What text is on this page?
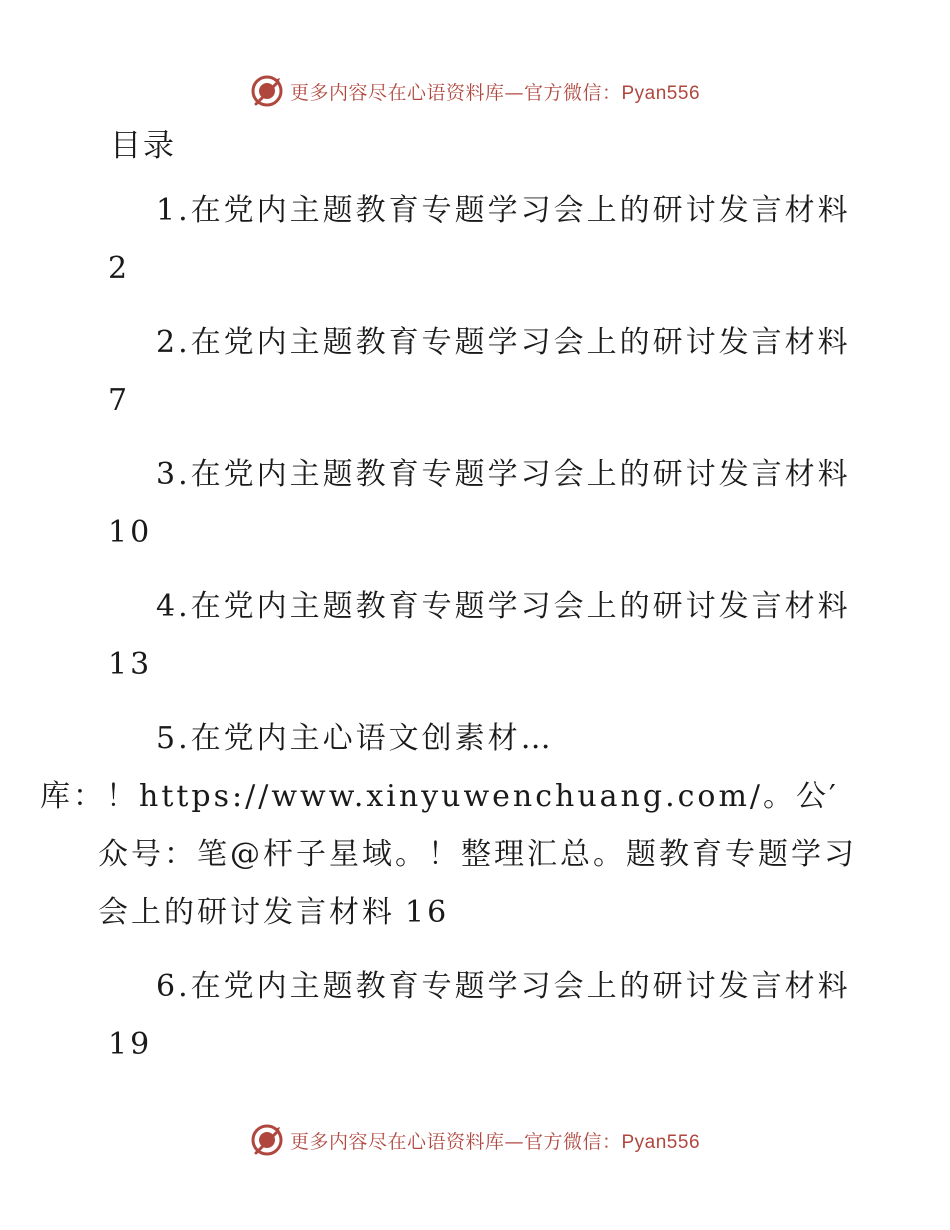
更多内容尽在心语资料库—官方微信：Pyan556
目录
1.在党内主题教育专题学习会上的研讨发言材料2
2.在党内主题教育专题学习会上的研讨发言材料7
3.在党内主题教育专题学习会上的研讨发言材料10
4.在党内主题教育专题学习会上的研讨发言材料13
5.在党内主心语文创素材…
库：！https://www.xinyuwenchuang.com/。公′众号：笔@杆子星域。！整理汇总。题教育专题学习会上的研讨发言材料 16
6.在党内主题教育专题学习会上的研讨发言材料19
更多内容尽在心语资料库—官方微信：Pyan556
